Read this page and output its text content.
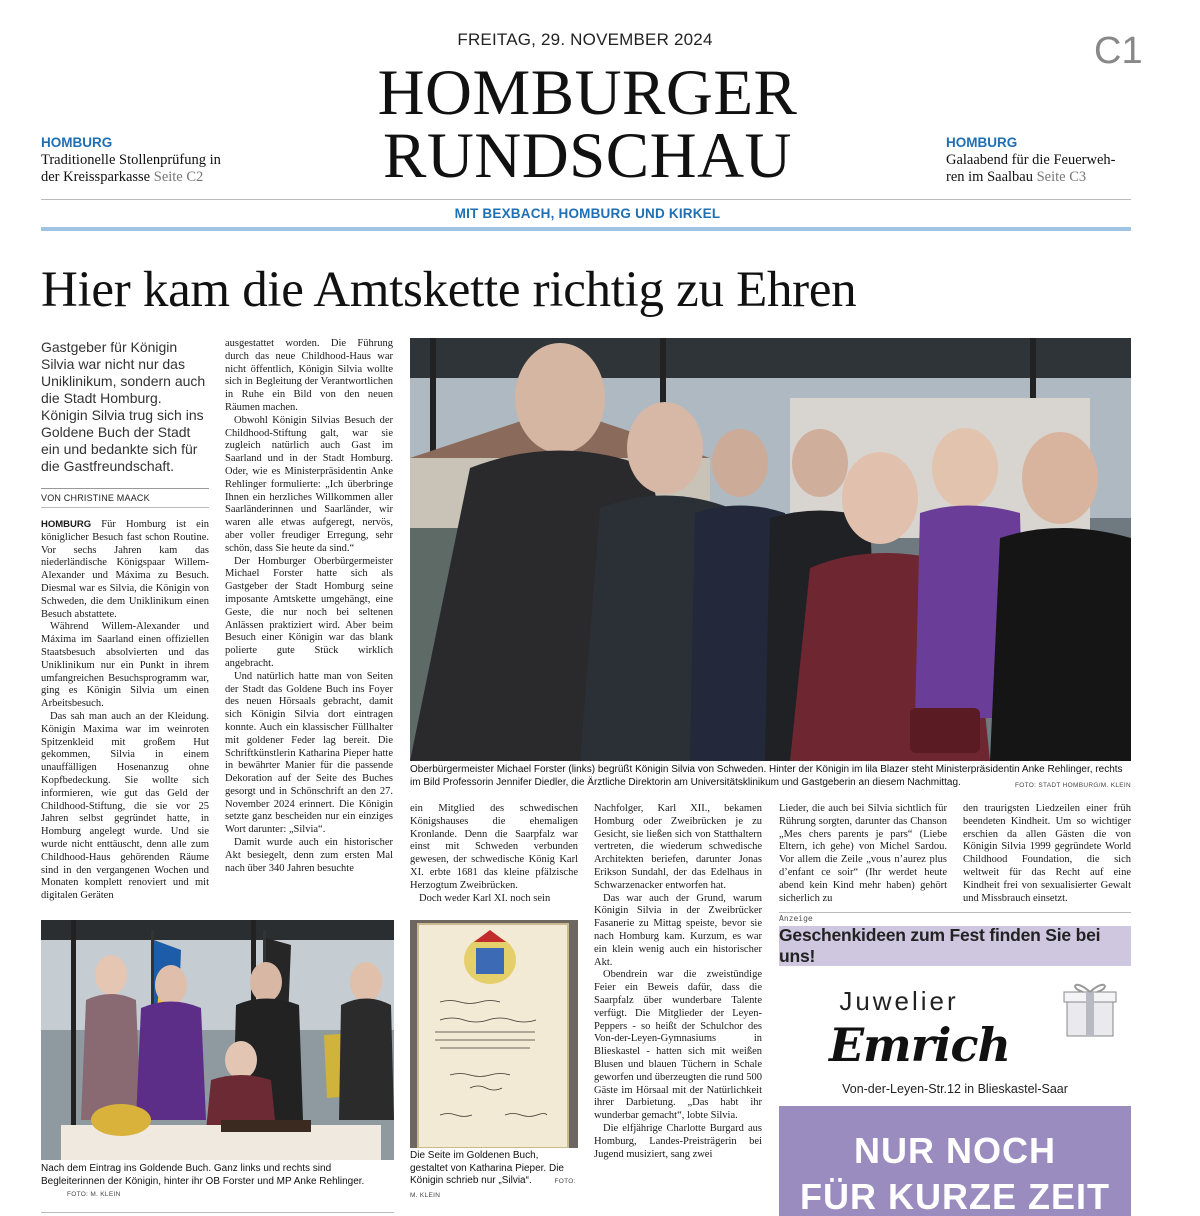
FREITAG, 29. NOVEMBER 2024	C1
HOMBURGER
RUNDSCHAU
HOMBURG
Traditionelle Stollenprüfung in
der Kreissparkasse Seite C2
HOMBURG
Galaabend für die Feuerweh-
ren im Saalbau Seite C3
MIT BEXBACH, HOMBURG UND KIRKEL
Hier kam die Amtskette richtig zu Ehren
Gastgeber für Königin Silvia war nicht nur das Uniklinikum, sondern auch die Stadt Homburg. Königin Silvia trug sich ins Goldene Buch der Stadt ein und bedankte sich für die Gastfreundschaft.
VON CHRISTINE MAACK

HOMBURG Für Homburg ist ein königlicher Besuch fast schon Routine. Vor sechs Jahren kam das niederländische Königspaar Willem-Alexander und Máxima zu Besuch. Diesmal war es Silvia, die Königin von Schweden, die dem Uniklinikum einen Besuch abstattete.

Während Willem-Alexander und Máxima im Saarland einen offiziellen Staatsbesuch absolvierten und das Uniklinikum nur ein Punkt in ihrem umfangreichen Besuchsprogramm war, ging es Königin Silvia um einen Arbeitsbesuch.

Das sah man auch an der Kleidung. Königin Maxima war im weinroten Spitzenkleid mit großem Hut gekommen, Silvia in einem unauffälligen Hosenanzug ohne Kopfbedeckung. Sie wollte sich informieren, wie gut das Geld der Childhood-Stiftung, die sie vor 25 Jahren selbst gegründet hatte, in Homburg angelegt wurde. Und sie wurde nicht enttäuscht, denn alle zum Childhood-Haus gehörenden Räume sind in den vergangenen Wochen und Monaten komplett renoviert und mit digitalen Geräten

ausgestattet worden. Die Führung durch das neue Childhood-Haus war nicht öffentlich, Königin Silvia wollte sich in Begleitung der Verantwortlichen in Ruhe ein Bild von den neuen Räumen machen.

Obwohl Königin Silvias Besuch der Childhood-Stiftung galt, war sie zugleich natürlich auch Gast im Saarland und in der Stadt Homburg. Oder, wie es Ministerpräsidentin Anke Rehlinger formulierte: „Ich überbringe Ihnen ein herzliches Willkommen aller Saarländerinnen und Saarländer, wir waren alle etwas aufgeregt, nervös, aber voller freudiger Erregung, sehr schön, dass Sie heute da sind.“

Der Homburger Oberbürgermeister Michael Forster hatte sich als Gastgeber der Stadt Homburg seine imposante Amtskette umgehängt, eine Geste, die nur noch bei seltenen Anlässen praktiziert wird. Aber beim Besuch einer Königin war das blank polierte gute Stück wirklich angebracht.

Und natürlich hatte man von Seiten der Stadt das Goldene Buch ins Foyer des neuen Hörsaals gebracht, damit sich Königin Silvia dort eintragen konnte. Auch ein klassischer Füllhalter mit goldener Feder lag bereit. Die Schriftkünstlerin Katharina Pieper hatte in bewährter Manier für die passende Dekoration auf der Seite des Buches gesorgt und in Schönschrift an den 27. November 2024 erinnert. Die Königin setzte ganz bescheiden nur ein einziges Wort darunter: „Silvia“.

Damit wurde auch ein historischer Akt besiegelt, denn zum ersten Mal nach über 340 Jahren besuchte

Oberbürgermeister Michael Forster (links) begrüßt Königin Silvia von Schweden. Hinter der Königin im lila Blazer steht Ministerpräsidentin Anke Rehlinger, rechts im Bild Professorin Jennifer Diedler, die Ärztliche Direktorin am Universitätsklinikum und Gastgeberin an diesem Nachmittag.	FOTO: STADT HOMBURG/M. KLEIN

ein Mitglied des schwedischen Königshauses die ehemaligen Kronlande. Denn die Saarpfalz war einst mit Schweden verbunden gewesen, der schwedische König Karl XI. erbte 1681 das kleine pfälzische Herzogtum Zweibrücken.

Doch weder Karl XI. noch sein

Nachfolger, Karl XII., bekamen Homburg oder Zweibrücken je zu Gesicht, sie ließen sich von Statthaltern vertreten, die wiederum schwedische Architekten beriefen, darunter Jonas Erikson Sundahl, der das Edelhaus in Schwarzenacker entworfen hat.

Das war auch der Grund, warum Königin Silvia in der Zweibrücker Fasanerie zu Mittag speiste, bevor sie nach Homburg kam. Kurzum, es war ein klein wenig auch ein historischer Akt.

Obendrein war die zweistündige Feier ein Beweis dafür, dass die Saarpfalz über wunderbare Talente verfügt. Die Mitglieder der Leyen-Peppers - so heißt der Schulchor des Von-der-Leyen-Gymnasiums in Blieskastel - hatten sich mit weißen Blusen und blauen Tüchern in Schale geworfen und überzeugten die rund 500 Gäste im Hörsaal mit der Natürlichkeit ihrer Darbietung. „Das habt ihr wunderbar gemacht“, lobte Silvia.

Die elfjährige Charlotte Burgard aus Homburg, Landes-Preisträgerin bei Jugend musiziert, sang zwei

Lieder, die auch bei Silvia sichtlich für Rührung sorgten, darunter das Chanson „Mes chers parents je pars“ (Liebe Eltern, ich gehe) von Michel Sardou. Vor allem die Zeile „vous n’aurez plus d’enfant ce soir“ (Ihr werdet heute abend kein Kind mehr haben) gehört sicherlich zu

den traurigsten Liedzeilen einer früh beendeten Kindheit. Um so wichtiger erschien da allen Gästen die von Königin Silvia 1999 gegründete World Childhood Foundation, die sich weltweit für das Recht auf eine Kindheit frei von sexualisierter Gewalt und Missbrauch einsetzt.

Nach dem Eintrag ins Goldende Buch. Ganz links und rechts sind Begleiterinnen der Königin, hinter ihr OB Forster und MP Anke Rehlinger. FOTO: M. KLEIN
Die Seite im Goldenen Buch, gestaltet von Katharina Pieper. Die Königin schrieb nur „Silvia“.	FOTO: M. KLEIN
Anzeige
Geschenkideen zum Fest finden Sie bei uns!
Juwelier
Emrich
Von-der-Leyen-Str.12 in Blieskastel-Saar
NUR NOCH
FÜR KURZE ZEIT
